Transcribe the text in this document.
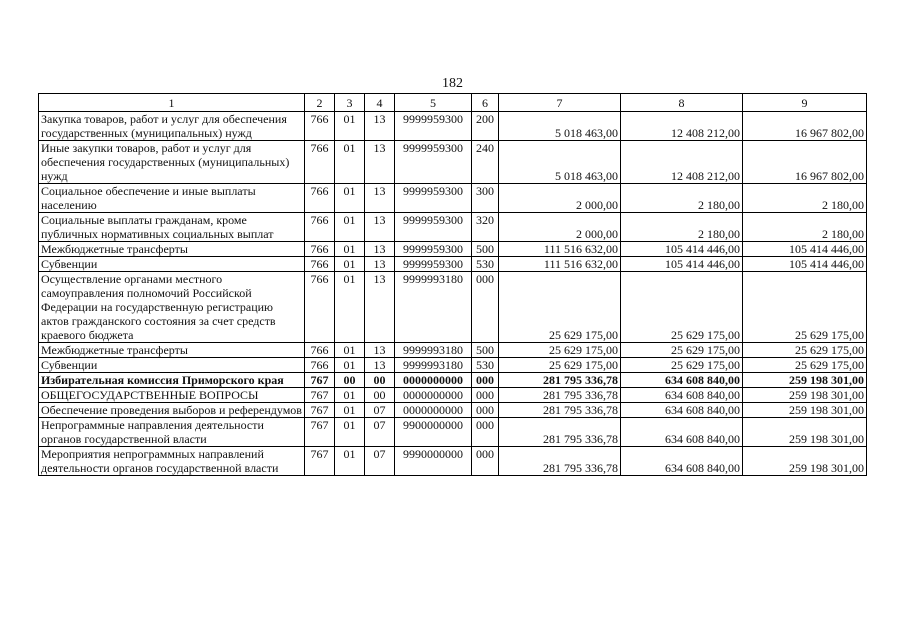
182
1	2	3	4	5	6	7	8	9
Закупка товаров, работ и услуг для обеспечения государственных (муниципальных) нужд	766	01	13	9999959300	200	5 018 463,00	12 408 212,00	16 967 802,00
Иные закупки товаров, работ и услуг для обеспечения государственных (муниципальных) нужд	766	01	13	9999959300	240	5 018 463,00	12 408 212,00	16 967 802,00
Социальное обеспечение и иные выплаты населению	766	01	13	9999959300	300	2 000,00	2 180,00	2 180,00
Социальные выплаты гражданам, кроме публичных нормативных социальных выплат	766	01	13	9999959300	320	2 000,00	2 180,00	2 180,00
Межбюджетные трансферты	766	01	13	9999959300	500	111 516 632,00	105 414 446,00	105 414 446,00
Субвенции	766	01	13	9999959300	530	111 516 632,00	105 414 446,00	105 414 446,00
Осуществление органами местного самоуправления полномочий Российской Федерации на государственную регистрацию актов гражданского состояния за счет средств краевого бюджета	766	01	13	9999993180	000	25 629 175,00	25 629 175,00	25 629 175,00
Межбюджетные трансферты	766	01	13	9999993180	500	25 629 175,00	25 629 175,00	25 629 175,00
Субвенции	766	01	13	9999993180	530	25 629 175,00	25 629 175,00	25 629 175,00
Избирательная комиссия Приморского края	767	00	00	0000000000	000	281 795 336,78	634 608 840,00	259 198 301,00
ОБЩЕГОСУДАРСТВЕННЫЕ ВОПРОСЫ	767	01	00	0000000000	000	281 795 336,78	634 608 840,00	259 198 301,00
Обеспечение проведения выборов и референдумов	767	01	07	0000000000	000	281 795 336,78	634 608 840,00	259 198 301,00
Непрограммные направления деятельности органов государственной власти	767	01	07	9900000000	000	281 795 336,78	634 608 840,00	259 198 301,00
Мероприятия непрограммных направлений деятельности органов государственной власти	767	01	07	9990000000	000	281 795 336,78	634 608 840,00	259 198 301,00
